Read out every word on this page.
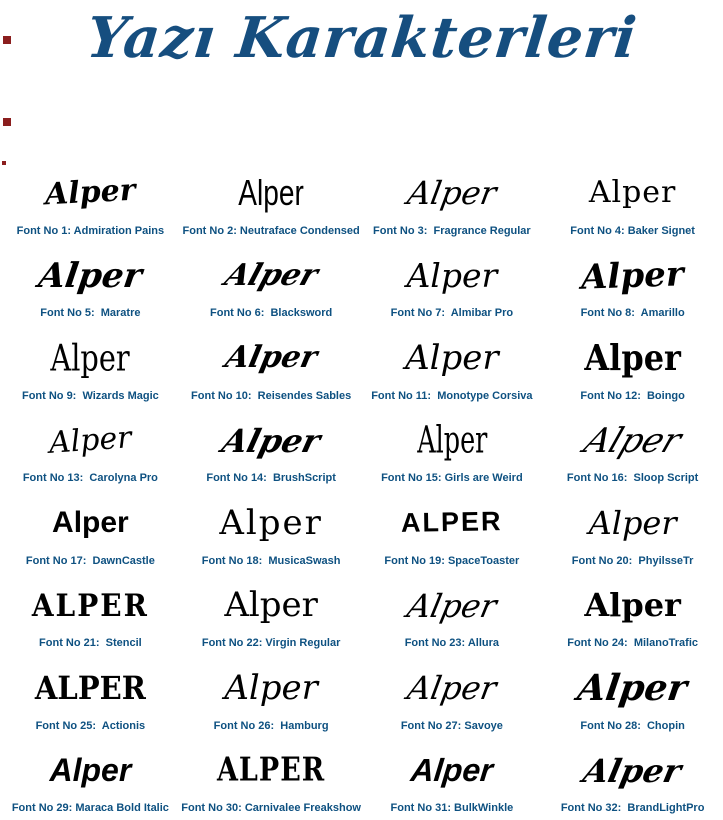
Yazı Karakterleri
Alper
Font No 1: Admiration Pains
Alper
Font No 2: Neutraface Condensed
Alper
Font No 3:  Fragrance Regular
Alper
Font No 4: Baker Signet
Alper
Font No 5:  Maratre
Alper
Font No 6:  Blacksword
Alper
Font No 7:  Almibar Pro
Alper
Font No 8:  Amarillo
Alper
Font No 9:  Wizards Magic
Alper
Font No 10:  Reisendes Sables
Alper
Font No 11:  Monotype Corsiva
Alper
Font No 12:  Boingo
Alper
Font No 13:  Carolyna Pro
Alper
Font No 14:  BrushScript
Alper
Font No 15: Girls are Weird
Alper
Font No 16:  Sloop Script
Alper
Font No 17:  DawnCastle
Alper
Font No 18:  MusicaSwash
ALPER
Font No 19: SpaceToaster
Alper
Font No 20:  PhyilsseTr
ALPER
Font No 21:  Stencil
Alper
Font No 22: Virgin Regular
Alper
Font No 23: Allura
Alper
Font No 24:  MilanoTrafic
ALPER
Font No 25:  Actionis
Alper
Font No 26:  Hamburg
Alper
Font No 27: Savoye
Alper
Font No 28:  Chopin
Alper
Font No 29: Maraca Bold Italic
ALPER
Font No 30: Carnivalee Freakshow
Alper
Font No 31: BulkWinkle
Alper
Font No 32:  BrandLightPro
